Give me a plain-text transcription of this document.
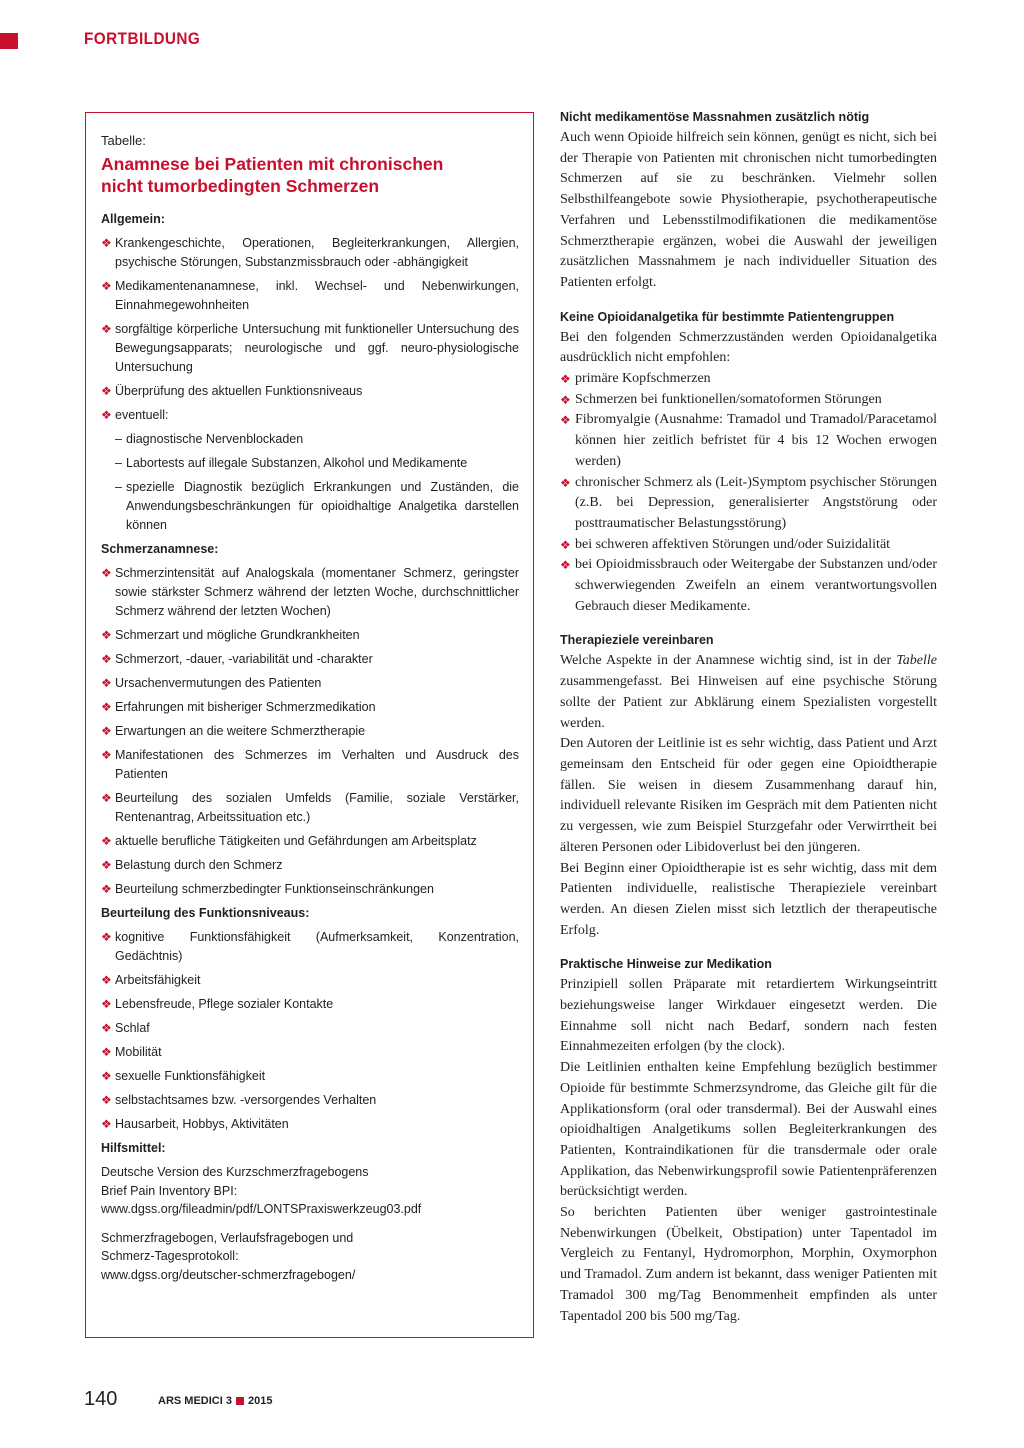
FORTBILDUNG
Tabelle:
Anamnese bei Patienten mit chronischen
nicht tumorbedingten Schmerzen
Allgemein:
❖ Krankengeschichte, Operationen, Begleiterkrankungen, Allergien, psychische Störungen, Substanzmissbrauch oder -abhängigkeit
❖ Medikamentenanamnese, inkl. Wechsel- und Nebenwirkungen, Einnahmegewohnheiten
❖ sorgfältige körperliche Untersuchung mit funktioneller Untersuchung des Bewegungsapparats; neurologische und ggf. neuro-physiologische Untersuchung
❖ Überprüfung des aktuellen Funktionsniveaus
❖ eventuell:
– diagnostische Nervenblockaden
– Labortests auf illegale Substanzen, Alkohol und Medikamente
– spezielle Diagnostik bezüglich Erkrankungen und Zuständen, die Anwendungsbeschränkungen für opioidhaltige Analgetika darstellen können
Schmerzanamnese:
❖ Schmerzintensität auf Analogskala (momentaner Schmerz, geringster sowie stärkster Schmerz während der letzten Woche, durchschnittlicher Schmerz während der letzten Wochen)
❖ Schmerzart und mögliche Grundkrankheiten
❖ Schmerzort, -dauer, -variabilität und -charakter
❖ Ursachenvermutungen des Patienten
❖ Erfahrungen mit bisheriger Schmerzmedikation
❖ Erwartungen an die weitere Schmerztherapie
❖ Manifestationen des Schmerzes im Verhalten und Ausdruck des Patienten
❖ Beurteilung des sozialen Umfelds (Familie, soziale Verstärker, Rentenantrag, Arbeitssituation etc.)
❖ aktuelle berufliche Tätigkeiten und Gefährdungen am Arbeitsplatz
❖ Belastung durch den Schmerz
❖ Beurteilung schmerzbedingter Funktionseinschränkungen
Beurteilung des Funktionsniveaus:
❖ kognitive Funktionsfähigkeit (Aufmerksamkeit, Konzentration, Gedächtnis)
❖ Arbeitsfähigkeit
❖ Lebensfreude, Pflege sozialer Kontakte
❖ Schlaf
❖ Mobilität
❖ sexuelle Funktionsfähigkeit
❖ selbstachtsames bzw. -versorgendes Verhalten
❖ Hausarbeit, Hobbys, Aktivitäten
Hilfsmittel:
Deutsche Version des Kurzschmerzfragebogens
Brief Pain Inventory BPI:
www.dgss.org/fileadmin/pdf/LONTSPraxiswerkzeug03.pdf
Schmerzfragebogen, Verlaufsfragebogen und
Schmerz-Tagesprotokoll:
www.dgss.org/deutscher-schmerzfragebogen/
Nicht medikamentöse Massnahmen zusätzlich nötig

Auch wenn Opioide hilfreich sein können, genügt es nicht, sich bei der Therapie von Patienten mit chronischen nicht tumorbedingten Schmerzen auf sie zu beschränken. Vielmehr sollen Selbsthilfeangebote sowie Physiotherapie, psychotherapeutische Verfahren und Lebensstilmodifikationen die medikamentöse Schmerztherapie ergänzen, wobei die Auswahl der jeweiligen zusätzlichen Massnahmem je nach individueller Situation des Patienten erfolgt.

Keine Opioidanalgetika für bestimmte Patientengruppen

Bei den folgenden Schmerzzuständen werden Opioidanalgetika ausdrücklich nicht empfohlen:

❖ primäre Kopfschmerzen
❖ Schmerzen bei funktionellen/somatoformen Störungen
❖ Fibromyalgie (Ausnahme: Tramadol und Tramadol/Paracetamol können hier zeitlich befristet für 4 bis 12 Wochen erwogen werden)
❖ chronischer Schmerz als (Leit-)Symptom psychischer Störungen (z.B. bei Depression, generalisierter Angststörung oder posttraumatischer Belastungsstörung)
❖ bei schweren affektiven Störungen und/oder Suizidalität
❖ bei Opioidmissbrauch oder Weitergabe der Substanzen und/oder schwerwiegenden Zweifeln an einem verantwortungsvollen Gebrauch dieser Medikamente.
Therapieziele vereinbaren

Welche Aspekte in der Anamnese wichtig sind, ist in der Tabelle zusammengefasst. Bei Hinweisen auf eine psychische Störung sollte der Patient zur Abklärung einem Spezialisten vorgestellt werden.

Den Autoren der Leitlinie ist es sehr wichtig, dass Patient und Arzt gemeinsam den Entscheid für oder gegen eine Opioidtherapie fällen. Sie weisen in diesem Zusammenhang darauf hin, individuell relevante Risiken im Gespräch mit dem Patienten nicht zu vergessen, wie zum Beispiel Sturzgefahr oder Verwirrtheit bei älteren Personen oder Libidoverlust bei den jüngeren.

Bei Beginn einer Opioidtherapie ist es sehr wichtig, dass mit dem Patienten individuelle, realistische Therapieziele vereinbart werden. An diesen Zielen misst sich letztlich der therapeutische Erfolg.

Praktische Hinweise zur Medikation

Prinzipiell sollen Präparate mit retardiertem Wirkungseintritt beziehungsweise langer Wirkdauer eingesetzt werden. Die Einnahme soll nicht nach Bedarf, sondern nach festen Einnahmezeiten erfolgen (by the clock).

Die Leitlinien enthalten keine Empfehlung bezüglich bestimmer Opioide für bestimmte Schmerzsyndrome, das Gleiche gilt für die Applikationsform (oral oder transdermal). Bei der Auswahl eines opioidhaltigen Analgetikums sollen Begleiterkrankungen des Patienten, Kontraindikationen für die transdermale oder orale Applikation, das Nebenwirkungsprofil sowie Patientenpräferenzen berücksichtigt werden.

So berichten Patienten über weniger gastrointestinale Nebenwirkungen (Übelkeit, Obstipation) unter Tapentadol im Vergleich zu Fentanyl, Hydromorphon, Morphin, Oxymorphon und Tramadol. Zum andern ist bekannt, dass weniger Patienten mit Tramadol 300 mg/Tag Benommenheit empfinden als unter Tapentadol 200 bis 500 mg/Tag.

140	ARS MEDICI 3 2015
